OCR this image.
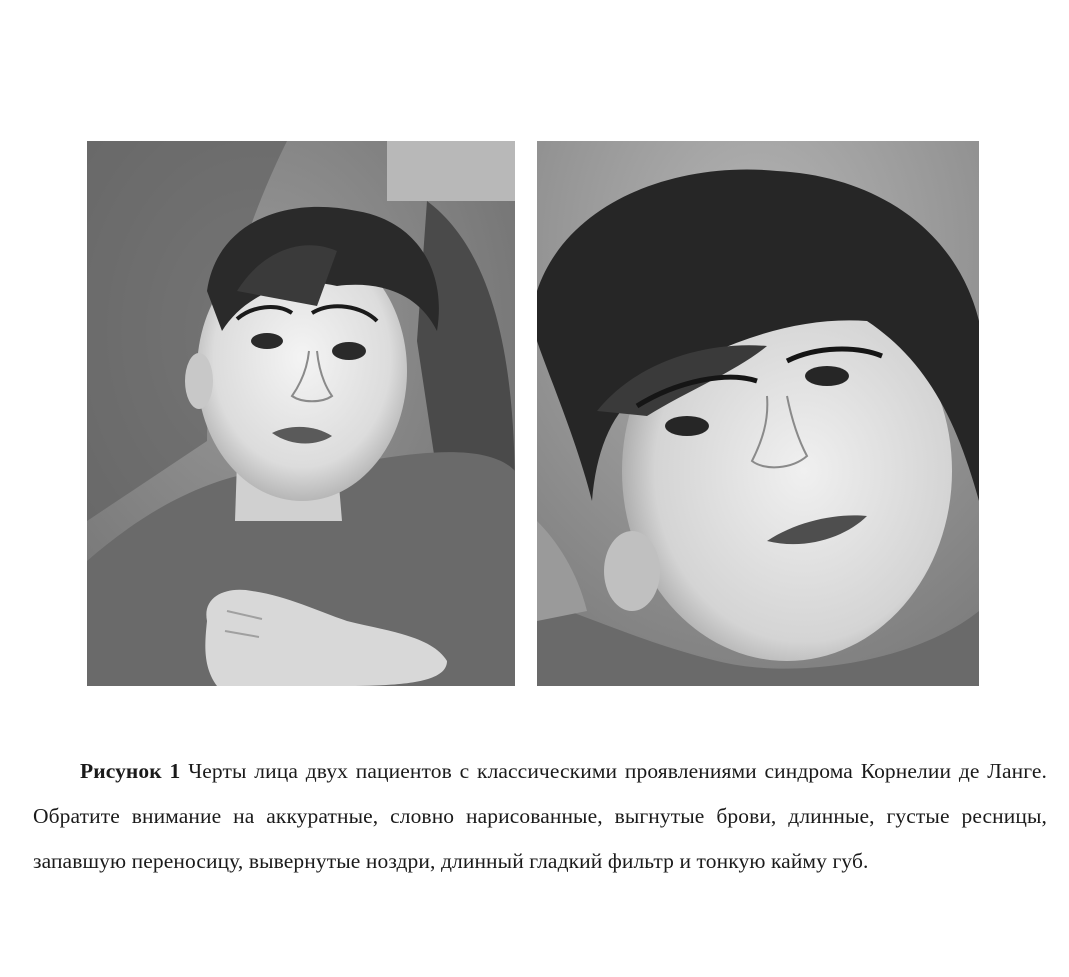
Рисунок 1 Черты лица двух пациентов с классическими проявлениями синдрома Корнелии де Ланге. Обратите внимание на аккуратные, словно нарисованные, выгнутые брови, длинные, густые ресницы, запавшую переносицу, вывернутые ноздри, длинный гладкий фильтр и тонкую кайму губ.
